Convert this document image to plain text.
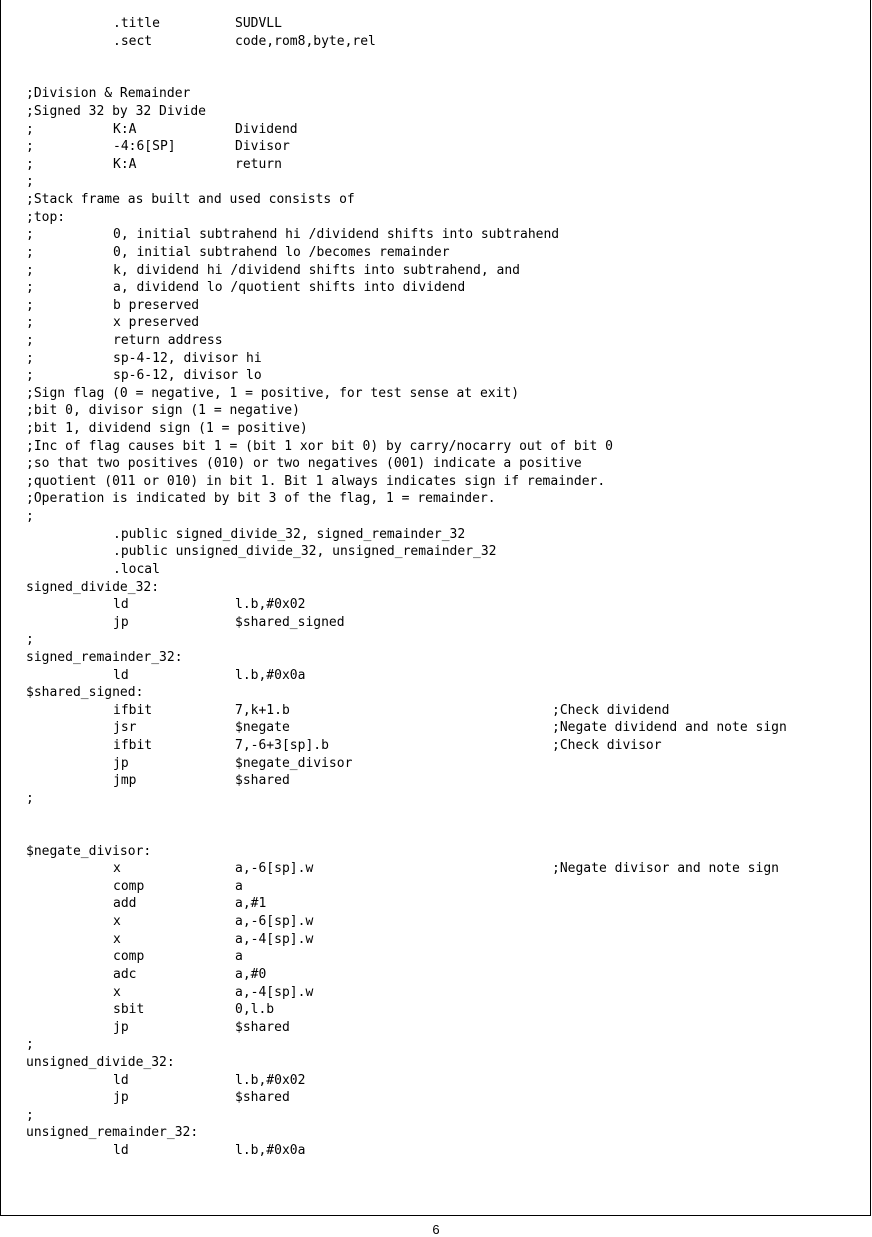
.title	SUDVLL
.sect	code,rom8,byte,rel
;Division & Remainder
;Signed 32 by 32 Divide
;	K:A	Dividend
;	-4:6[SP]	Divisor
;	K:A	return
;
;Stack frame as built and used consists of
;top:
;	0, initial subtrahend hi /dividend shifts into subtrahend
;	0, initial subtrahend lo /becomes remainder
;	k, dividend hi /dividend shifts into subtrahend, and
;	a, dividend lo /quotient shifts into dividend
;	b preserved
;	x preserved
;	return address
;	sp-4-12, divisor hi
;	sp-6-12, divisor lo
;Sign flag (0 = negative, 1 = positive, for test sense at exit)
;bit 0, divisor sign (1 = negative)
;bit 1, dividend sign (1 = positive)
;Inc of flag causes bit 1 = (bit 1 xor bit 0) by carry/nocarry out of bit 0
;so that two positives (010) or two negatives (001) indicate a positive
;quotient (011 or 010) in bit 1. Bit 1 always indicates sign if remainder.
;Operation is indicated by bit 3 of the flag, 1 = remainder.
;
.public signed_divide_32, signed_remainder_32
.public unsigned_divide_32, unsigned_remainder_32
.local
signed_divide_32:
ld	l.b,#0x02
jp	$shared_signed
;
signed_remainder_32:
ld	l.b,#0x0a
$shared_signed:
ifbit	7,k+1.b	;Check dividend
jsr	$negate	;Negate dividend and note sign
ifbit	7,-6+3[sp].b	;Check divisor
jp	$negate_divisor
jmp	$shared
;
$negate_divisor:
x	a,-6[sp].w	;Negate divisor and note sign
comp	a
add	a,#1
x	a,-6[sp].w
x	a,-4[sp].w
comp	a
adc	a,#0
x	a,-4[sp].w
sbit	0,l.b
jp	$shared
;
unsigned_divide_32:
ld	l.b,#0x02
jp	$shared
;
unsigned_remainder_32:
ld	l.b,#0x0a
6
